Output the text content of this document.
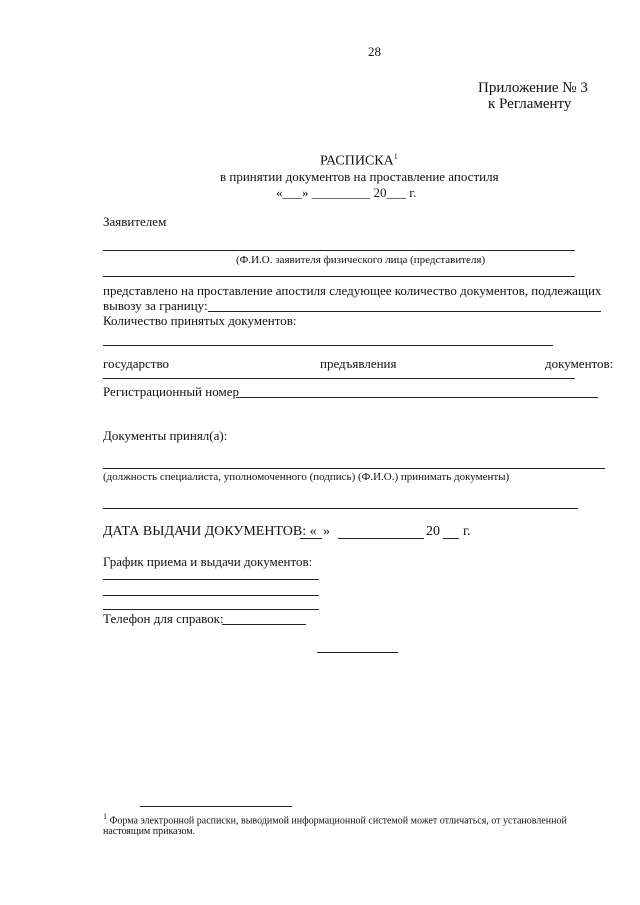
28
Приложение № 3
к Регламенту
РАСПИСКА$^1$
в принятии документов на проставление апостиля
«___» _________ 20___ г.
Заявителем
(Ф.И.О. заявителя физического лица (представителя)
представлено на проставление апостиля следующее количество документов, подлежащих
вывозу за границу:
Количество принятых документов:
государство	предъявления	документов:
Регистрационный номер
Документы принял(а):
(должность специалиста, уполномоченного (подпись) (Ф.И.О.) принимать документы)
ДАТА ВЫДАЧИ ДОКУМЕНТОВ: « »	20 г.
График приема и выдачи документов:
Телефон для справок:
$^1$ Форма электронной расписки, выводимой информационной системой может отличаться, от установленной
настоящим приказом.
